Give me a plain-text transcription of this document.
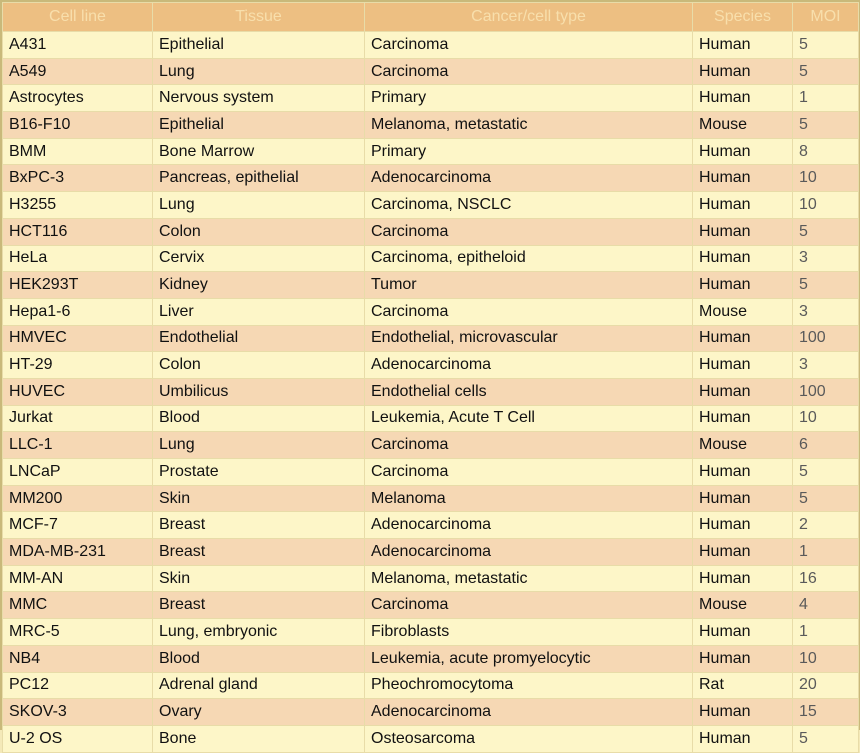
Cell line	Tissue	Cancer/cell type	Species	MOI
A431	Epithelial	Carcinoma	Human	5
A549	Lung	Carcinoma	Human	5
Astrocytes	Nervous system	Primary	Human	1
B16-F10	Epithelial	Melanoma, metastatic	Mouse	5
BMM	Bone Marrow	Primary	Human	8
BxPC-3	Pancreas, epithelial	Adenocarcinoma	Human	10
H3255	Lung	Carcinoma, NSCLC	Human	10
HCT116	Colon	Carcinoma	Human	5
HeLa	Cervix	Carcinoma, epitheloid	Human	3
HEK293T	Kidney	Tumor	Human	5
Hepa1-6	Liver	Carcinoma	Mouse	3
HMVEC	Endothelial	Endothelial, microvascular	Human	100
HT-29	Colon	Adenocarcinoma	Human	3
HUVEC	Umbilicus	Endothelial cells	Human	100
Jurkat	Blood	Leukemia, Acute T Cell	Human	10
LLC-1	Lung	Carcinoma	Mouse	6
LNCaP	Prostate	Carcinoma	Human	5
MM200	Skin	Melanoma	Human	5
MCF-7	Breast	Adenocarcinoma	Human	2
MDA-MB-231	Breast	Adenocarcinoma	Human	1
MM-AN	Skin	Melanoma, metastatic	Human	16
MMC	Breast	Carcinoma	Mouse	4
MRC-5	Lung, embryonic	Fibroblasts	Human	1
NB4	Blood	Leukemia, acute promyelocytic	Human	10
PC12	Adrenal gland	Pheochromocytoma	Rat	20
SKOV-3	Ovary	Adenocarcinoma	Human	15
U-2 OS	Bone	Osteosarcoma	Human	5
